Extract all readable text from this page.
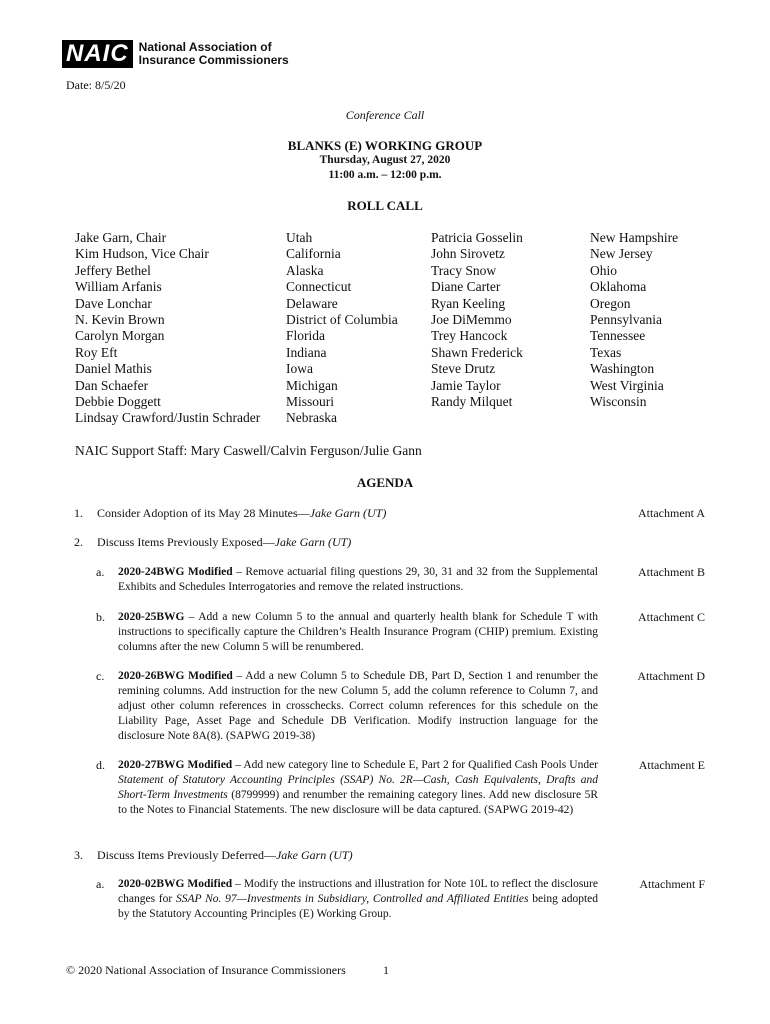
NAIC National Association of
Insurance Commissioners
Date: 8/5/20
Conference Call
BLANKS (E) WORKING GROUP
Thursday, August 27, 2020
11:00 a.m. – 12:00 p.m.
ROLL CALL
Jake Garn, Chair
Kim Hudson, Vice Chair
Jeffery Bethel
William Arfanis
Dave Lonchar
N. Kevin Brown
Carolyn Morgan
Roy Eft
Daniel Mathis
Dan Schaefer
Debbie Doggett
Lindsay Crawford/Justin Schrader
Utah
California
Alaska
Connecticut
Delaware
District of Columbia
Florida
Indiana
Iowa
Michigan
Missouri
Nebraska
Patricia Gosselin
John Sirovetz
Tracy Snow
Diane Carter
Ryan Keeling
Joe DiMemmo
Trey Hancock
Shawn Frederick
Steve Drutz
Jamie Taylor
Randy Milquet
New Hampshire
New Jersey
Ohio
Oklahoma
Oregon
Pennsylvania
Tennessee
Texas
Washington
West Virginia
Wisconsin
NAIC Support Staff: Mary Caswell/Calvin Ferguson/Julie Gann
AGENDA
1. Consider Adoption of its May 28 Minutes—Jake Garn (UT)	Attachment A
2. Discuss Items Previously Exposed—Jake Garn (UT)
a. 2020-24BWG Modified – Remove actuarial filing questions 29, 30, 31 and 32 from the Supplemental Exhibits and Schedules Interrogatories and remove the related instructions.
Attachment B
b. 2020-25BWG – Add a new Column 5 to the annual and quarterly health blank for Schedule T with instructions to specifically capture the Children’s Health Insurance Program (CHIP) premium. Existing columns after the new Column 5 will be renumbered.
Attachment C
c. 2020-26BWG Modified – Add a new Column 5 to Schedule DB, Part D, Section 1 and renumber the remining columns. Add instruction for the new Column 5, add the column reference to Column 7, and adjust other column references in crosschecks. Correct column references for this schedule on the Liability Page, Asset Page and Schedule DB Verification. Modify instruction language for the disclosure Note 8A(8). (SAPWG 2019-38)
Attachment D
d. 2020-27BWG Modified – Add new category line to Schedule E, Part 2 for Qualified Cash Pools Under Statement of Statutory Accounting Principles (SSAP) No. 2R—Cash, Cash Equivalents, Drafts and Short-Term Investments (8799999) and renumber the remaining category lines. Add new disclosure 5R to the Notes to Financial Statements. The new disclosure will be data captured. (SAPWG 2019-42)
Attachment E
3. Discuss Items Previously Deferred—Jake Garn (UT)
a. 2020-02BWG Modified – Modify the instructions and illustration for Note 10L to reflect the disclosure changes for SSAP No. 97—Investments in Subsidiary, Controlled and Affiliated Entities being adopted by the Statutory Accounting Principles (E) Working Group.
Attachment F
© 2020 National Association of Insurance Commissioners	1
